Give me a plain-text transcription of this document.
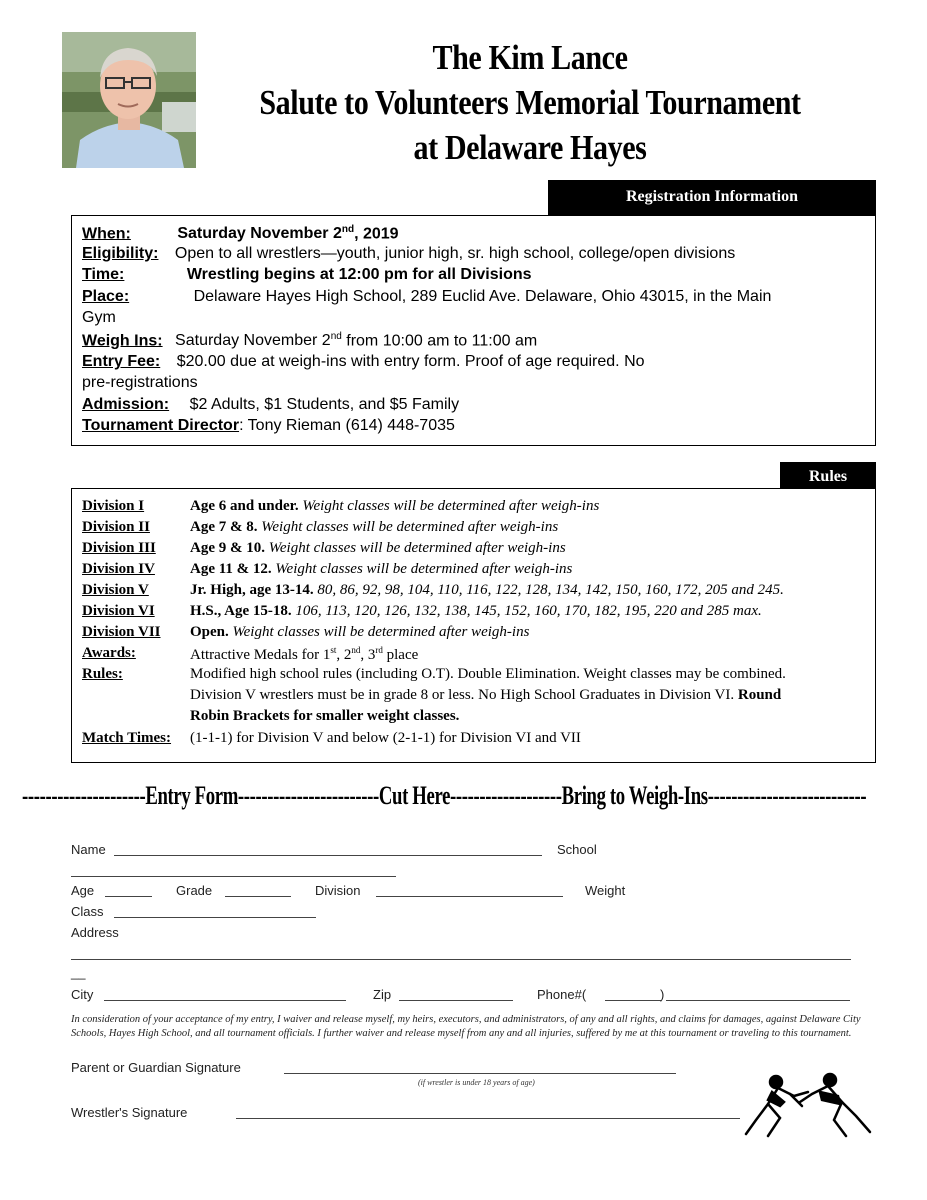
The Kim Lance
Salute to Volunteers Memorial Tournament
at Delaware Hayes
Registration Information
When:	Saturday November 2nd, 2019
Eligibility: Open to all wrestlers—youth, junior high, sr. high school, college/open divisions
Time:	Wrestling begins at 12:00 pm for all Divisions
Place:	Delaware Hayes High School, 289 Euclid Ave. Delaware, Ohio 43015, in the Main
Gym
Weigh Ins: Saturday November 2nd from 10:00 am to 11:00 am
Entry Fee: $20.00 due at weigh-ins with entry form. Proof of age required. No
pre-registrations
Admission: $2 Adults, $1 Students, and $5 Family
Tournament Director: Tony Rieman (614) 448-7035
Rules
Division I	Age 6 and under. Weight classes will be determined after weigh-ins
Division II	Age 7 & 8. Weight classes will be determined after weigh-ins
Division III Age 9 & 10. Weight classes will be determined after weigh-ins
Division IV Age 11 & 12. Weight classes will be determined after weigh-ins
Division V	Jr. High, age 13-14. 80, 86, 92, 98, 104, 110, 116, 122, 128, 134, 142, 150, 160, 172, 205 and 245.
Division VI H.S., Age 15-18. 106, 113, 120, 126, 132, 138, 145, 152, 160, 170, 182, 195, 220 and 285 max.
Division VII Open. Weight classes will be determined after weigh-ins
Awards:	Attractive Medals for 1st, 2nd, 3rd place
Rules:	Modified high school rules (including O.T). Double Elimination. Weight classes may be combined.
Division V wrestlers must be in grade 8 or less. No High School Graduates in Division VI. Round
Robin Brackets for smaller weight classes.
Match Times: (1-1-1) for Division V and below (2-1-1) for Division VI and VII
---------------------Entry Form------------------------Cut Here-------------------Bring to Weigh-Ins---------------------------
Name	School
Age	Grade	Division	Weight
Class
Address
__
City	Zip	Phone#(	)
In consideration of your acceptance of my entry, I waiver and release myself, my heirs, executors, and administrators, of any and all rights, and claims for damages, against Delaware City Schools, Hayes High School, and all tournament officials. I further waiver and release myself from any and all injuries, suffered by me at this tournament or traveling to this tournament.
Parent or Guardian Signature
(if wrestler is under 18 years of age)
Wrestler's Signature
